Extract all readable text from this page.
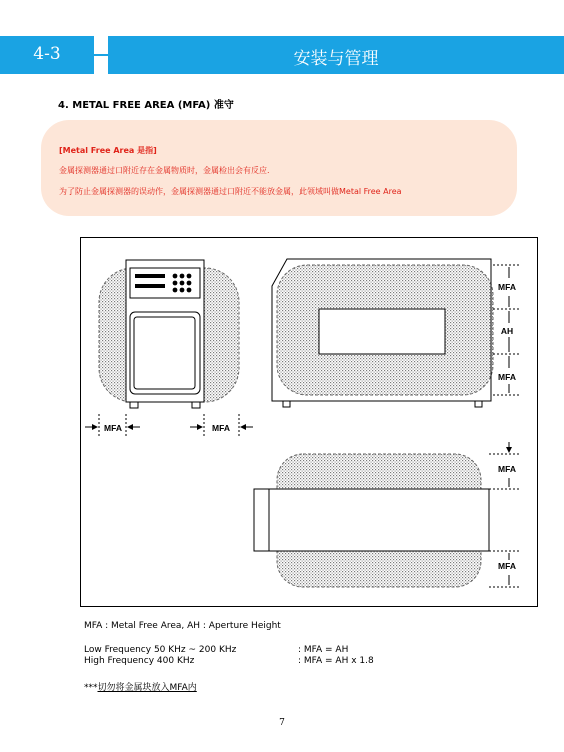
4-3	安装与管理
4. METAL FREE AREA (MFA) 准守
[Metal Free Area 是指]
金属探测器通过口附近存在金属物质时，金属检出会有反应.
为了防止金属探测器的误动作，金属探测器通过口附近不能放金属，此领域叫做Metal Free Area
MFA	MFA
MFA
AH
MFA
MFA
MFA
MFA : Metal Free Area, AH : Aperture Height
Low Frequency 50 KHz ~ 200 KHz	: MFA = AH
High Frequency 400 KHz	: MFA = AH x 1.8
***切勿将金属块放入MFA内
7
